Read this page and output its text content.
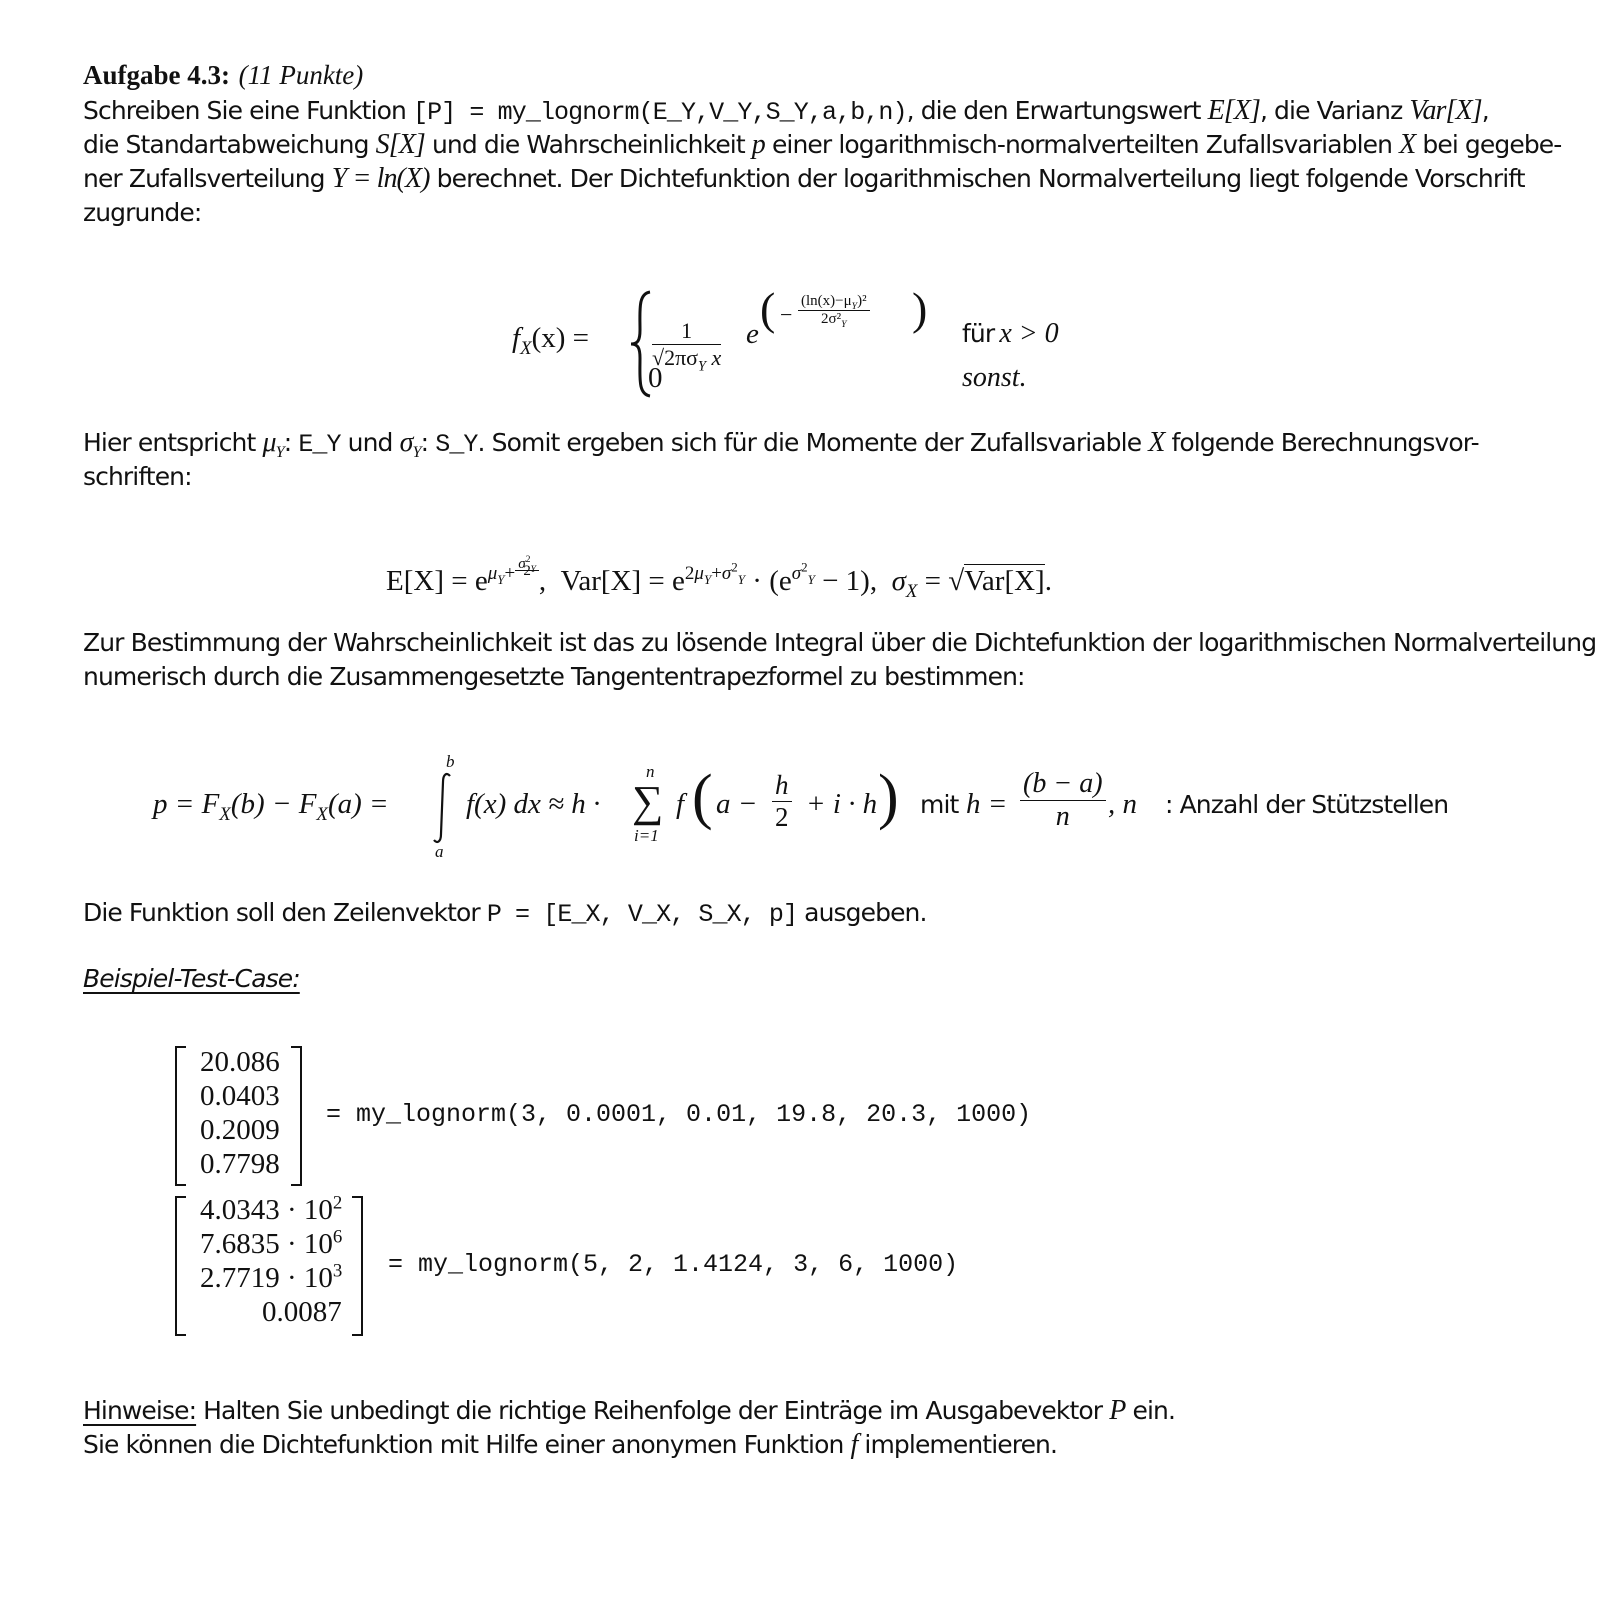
Aufgabe 4.3: (11 Punkte)
Schreiben Sie eine Funktion [P] = my_lognorm(E_Y,V_Y,S_Y,a,b,n), die den Erwartungswert E[X], die Varianz Var[X],
die Standartabweichung S[X] und die Wahrscheinlichkeit p einer logarithmisch-normalverteilten Zufallsvariablen X bei gegebe-
ner Zufallsverteilung Y = ln(X) berechnet. Der Dichtefunktion der logarithmischen Normalverteilung liegt folgende Vorschrift
zugrunde:
$f_X(x)$ =	$\frac{1}{√2\pi\sigma_Y x}$ e ( − $\frac{(\ln(x)-\mu_Y)^2}{2\sigma^2_Y}$ ) für x > 0
0	sonst.
Hier entspricht $\mu_Y$: E_Y und $\sigma_Y$: S_Y. Somit ergeben sich für die Momente der Zufallsvariable X folgende Berechnungsvor-
schriften:
$E[X] = e^{\mu_Y+ \frac{\sigma^2_Y}{2}}$ , $Var[X] = e^{2\mu_Y+\sigma^2_Y} \cdot (e^{\sigma^2_Y} - 1)$, $\sigma_X = √Var[X]$.
Zur Bestimmung der Wahrscheinlichkeit ist das zu lösende Integral über die Dichtefunktion der logarithmischen Normalverteilung
numerisch durch die Zusammengesetzte Tangententrapezformel zu bestimmen:
$p = F_X(b) - F_X(a)$ =
b
a
f(x) dx ≈ h ·
n
∑
i=1
f ( $a - \frac{h}{2} + i \cdot h$ ) mit $h = \frac{(b - a)}{n}$ , n : Anzahl der Stützstellen
Die Funktion soll den Zeilenvektor P = [E_X, V_X, S_X, p] ausgeben.
Beispiel-Test-Case:
20.086
0.0403
0.2009
0.7798
= my_lognorm(3, 0.0001, 0.01, 19.8, 20.3, 1000)
$4.0343 \cdot 10^2$
$7.6835 \cdot 10^6$
$2.7719 \cdot 10^3$
0.0087
= my_lognorm(5, 2, 1.4124, 3, 6, 1000)
Hinweise: Halten Sie unbedingt die richtige Reihenfolge der Einträge im Ausgabevektor P ein.
Sie können die Dichtefunktion mit Hilfe einer anonymen Funktion f implementieren.
